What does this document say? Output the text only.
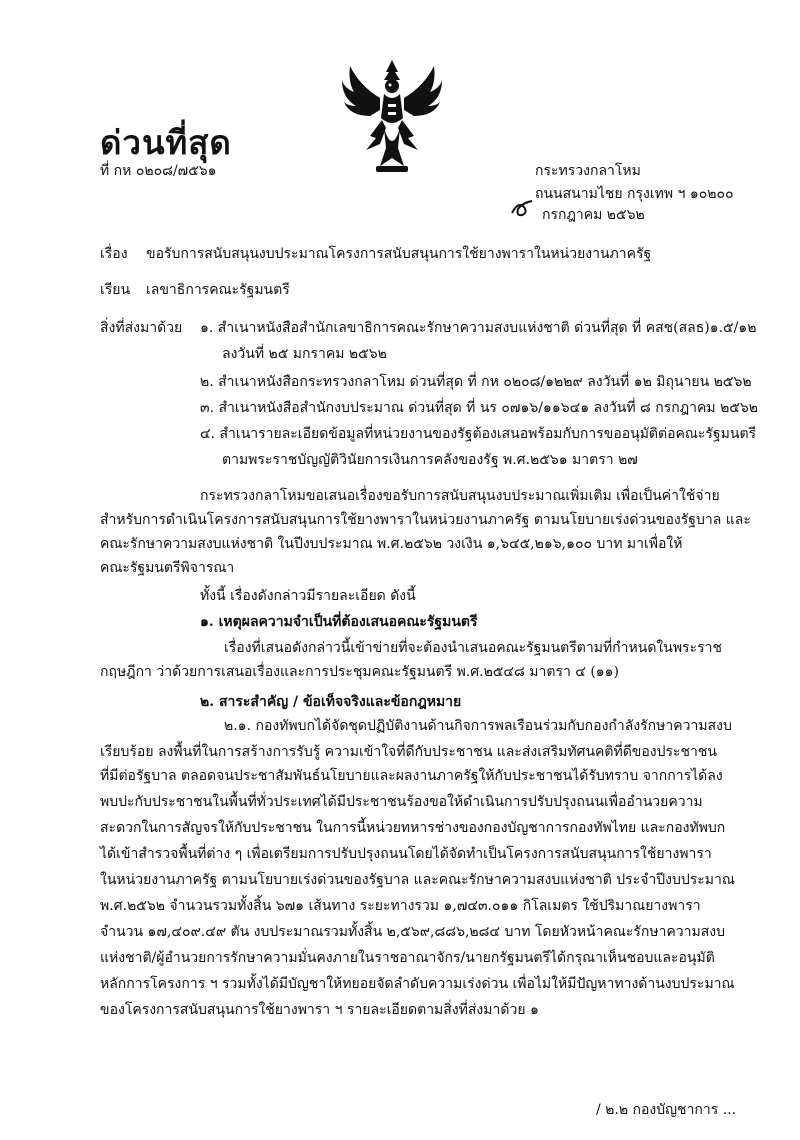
ด่วนที่สุด
ที่ กห ๐๒๐๘/๗๕๖๑	กระทรวงกลาโหม
ถนนสนามไชย กรุงเทพ ฯ ๑๐๒๐๐
กรกฎาคม ๒๕๖๒
เรื่อง ขอรับการสนับสนุนงบประมาณโครงการสนับสนุนการใช้ยางพาราในหน่วยงานภาครัฐ
เรียน เลขาธิการคณะรัฐมนตรี
สิ่งที่ส่งมาด้วย ๑. สำเนาหนังสือสำนักเลขาธิการคณะรักษาความสงบแห่งชาติ ด่วนที่สุด ที่ คสช(สลธ)๑.๕/๑๒
ลงวันที่ ๒๕ มกราคม ๒๕๖๒
๒. สำเนาหนังสือกระทรวงกลาโหม ด่วนที่สุด ที่ กห ๐๒๐๘/๑๒๒๙ ลงวันที่ ๑๒ มิถุนายน ๒๕๖๒
๓. สำเนาหนังสือสำนักงบประมาณ ด่วนที่สุด ที่ นร ๐๗๑๖/๑๑๖๔๑ ลงวันที่ ๘ กรกฎาคม ๒๕๖๒
๔. สำเนารายละเอียดข้อมูลที่หน่วยงานของรัฐต้องเสนอพร้อมกับการขออนุมัติต่อคณะรัฐมนตรี
ตามพระราชบัญญัติวินัยการเงินการคลังของรัฐ พ.ศ.๒๕๖๑ มาตรา ๒๗
กระทรวงกลาโหมขอเสนอเรื่องขอรับการสนับสนุนงบประมาณเพิ่มเติม เพื่อเป็นค่าใช้จ่าย
สำหรับการดำเนินโครงการสนับสนุนการใช้ยางพาราในหน่วยงานภาครัฐ ตามนโยบายเร่งด่วนของรัฐบาล และ
คณะรักษาความสงบแห่งชาติ ในปีงบประมาณ พ.ศ.๒๕๖๒ วงเงิน ๑,๖๔๕,๒๑๖,๑๐๐ บาท มาเพื่อให้
คณะรัฐมนตรีพิจารณา
ทั้งนี้ เรื่องดังกล่าวมีรายละเอียด ดังนี้
๑. เหตุผลความจำเป็นที่ต้องเสนอคณะรัฐมนตรี
เรื่องที่เสนอดังกล่าวนี้เข้าข่ายที่จะต้องนำเสนอคณะรัฐมนตรีตามที่กำหนดในพระราช
กฤษฎีกา ว่าด้วยการเสนอเรื่องและการประชุมคณะรัฐมนตรี พ.ศ.๒๕๔๘ มาตรา ๔ (๑๑)
๒. สาระสำคัญ / ข้อเท็จจริงและข้อกฎหมาย
๒.๑. กองทัพบกได้จัดชุดปฏิบัติงานด้านกิจการพลเรือนร่วมกับกองกำลังรักษาความสงบ
เรียบร้อย ลงพื้นที่ในการสร้างการรับรู้ ความเข้าใจที่ดีกับประชาชน และส่งเสริมทัศนคติที่ดีของประชาชน
ที่มีต่อรัฐบาล ตลอดจนประชาสัมพันธ์นโยบายและผลงานภาครัฐให้กับประชาชนได้รับทราบ จากการได้ลง
พบปะกับประชาชนในพื้นที่ทั่วประเทศได้มีประชาชนร้องขอให้ดำเนินการปรับปรุงถนนเพื่ออำนวยความ
สะดวกในการสัญจรให้กับประชาชน ในการนี้หน่วยทหารช่างของกองบัญชาการกองทัพไทย และกองทัพบก
ได้เข้าสำรวจพื้นที่ต่าง ๆ เพื่อเตรียมการปรับปรุงถนนโดยได้จัดทำเป็นโครงการสนับสนุนการใช้ยางพารา
ในหน่วยงานภาครัฐ ตามนโยบายเร่งด่วนของรัฐบาล และคณะรักษาความสงบแห่งชาติ ประจำปีงบประมาณ
พ.ศ.๒๕๖๒ จำนวนรวมทั้งสิ้น ๖๗๑ เส้นทาง ระยะทางรวม ๑,๗๔๓.๐๑๑ กิโลเมตร ใช้ปริมาณยางพารา
จำนวน ๑๗,๔๐๙.๔๙ ตัน งบประมาณรวมทั้งสิ้น ๒,๕๖๙,๘๘๖,๒๘๔ บาท โดยหัวหน้าคณะรักษาความสงบ
แห่งชาติ/ผู้อำนวยการรักษาความมั่นคงภายในราชอาณาจักร/นายกรัฐมนตรีได้กรุณาเห็นชอบและอนุมัติ
หลักการโครงการ ฯ รวมทั้งได้มีบัญชาให้ทยอยจัดลำดับความเร่งด่วน เพื่อไม่ให้มีปัญหาทางด้านงบประมาณ
ของโครงการสนับสนุนการใช้ยางพารา ฯ รายละเอียดตามสิ่งที่ส่งมาด้วย ๑
/ ๒.๒ กองบัญชาการ ...
